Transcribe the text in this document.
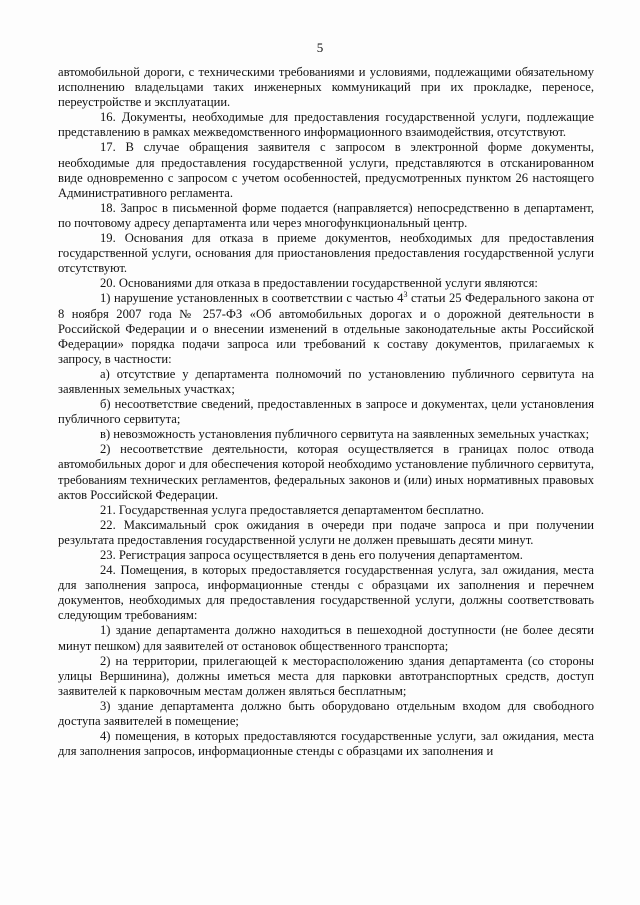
5

автомобильной дороги, с техническими требованиями и условиями, подлежащими обязательному исполнению владельцами таких инженерных коммуникаций при их прокладке, переносе, переустройстве и эксплуатации.

16. Документы, необходимые для предоставления государственной услуги, подлежащие представлению в рамках межведомственного информационного взаимодействия, отсутствуют.

17. В случае обращения заявителя с запросом в электронной форме документы, необходимые для предоставления государственной услуги, представляются в отсканированном виде одновременно с запросом с учетом особенностей, предусмотренных пунктом 26 настоящего Административного регламента.

18. Запрос в письменной форме подается (направляется) непосредственно в департамент, по почтовому адресу департамента или через многофункциональный центр.

19. Основания для отказа в приеме документов, необходимых для предоставления государственной услуги, основания для приостановления предоставления государственной услуги отсутствуют.

20. Основаниями для отказа в предоставлении государственной услуги являются:

1) нарушение установленных в соответствии с частью $4^3$ статьи 25 Федерального закона от 8 ноября 2007 года № 257-ФЗ «Об автомобильных дорогах и о дорожной деятельности в Российской Федерации и о внесении изменений в отдельные законодательные акты Российской Федерации» порядка подачи запроса или требований к составу документов, прилагаемых к запросу, в частности:

а) отсутствие у департамента полномочий по установлению публичного сервитута на заявленных земельных участках;

б) несоответствие сведений, предоставленных в запросе и документах, цели установления публичного сервитута;

в) невозможность установления публичного сервитута на заявленных земельных участках;

2) несоответствие деятельности, которая осуществляется в границах полос отвода автомобильных дорог и для обеспечения которой необходимо установление публичного сервитута, требованиям технических регламентов, федеральных законов и (или) иных нормативных правовых актов Российской Федерации.

21. Государственная услуга предоставляется департаментом бесплатно.

22. Максимальный срок ожидания в очереди при подаче запроса и при получении результата предоставления государственной услуги не должен превышать десяти минут.

23. Регистрация запроса осуществляется в день его получения департаментом.

24. Помещения, в которых предоставляется государственная услуга, зал ожидания, места для заполнения запроса, информационные стенды с образцами их заполнения и перечнем документов, необходимых для предоставления государственной услуги, должны соответствовать следующим требованиям:

1) здание департамента должно находиться в пешеходной доступности (не более десяти минут пешком) для заявителей от остановок общественного транспорта;

2) на территории, прилегающей к месторасположению здания департамента (со стороны улицы Вершинина), должны иметься места для парковки автотранспортных средств, доступ заявителей к парковочным местам должен являться бесплатным;

3) здание департамента должно быть оборудовано отдельным входом для свободного доступа заявителей в помещение;

4) помещения, в которых предоставляются государственные услуги, зал ожидания, места для заполнения запросов, информационные стенды с образцами их заполнения и
